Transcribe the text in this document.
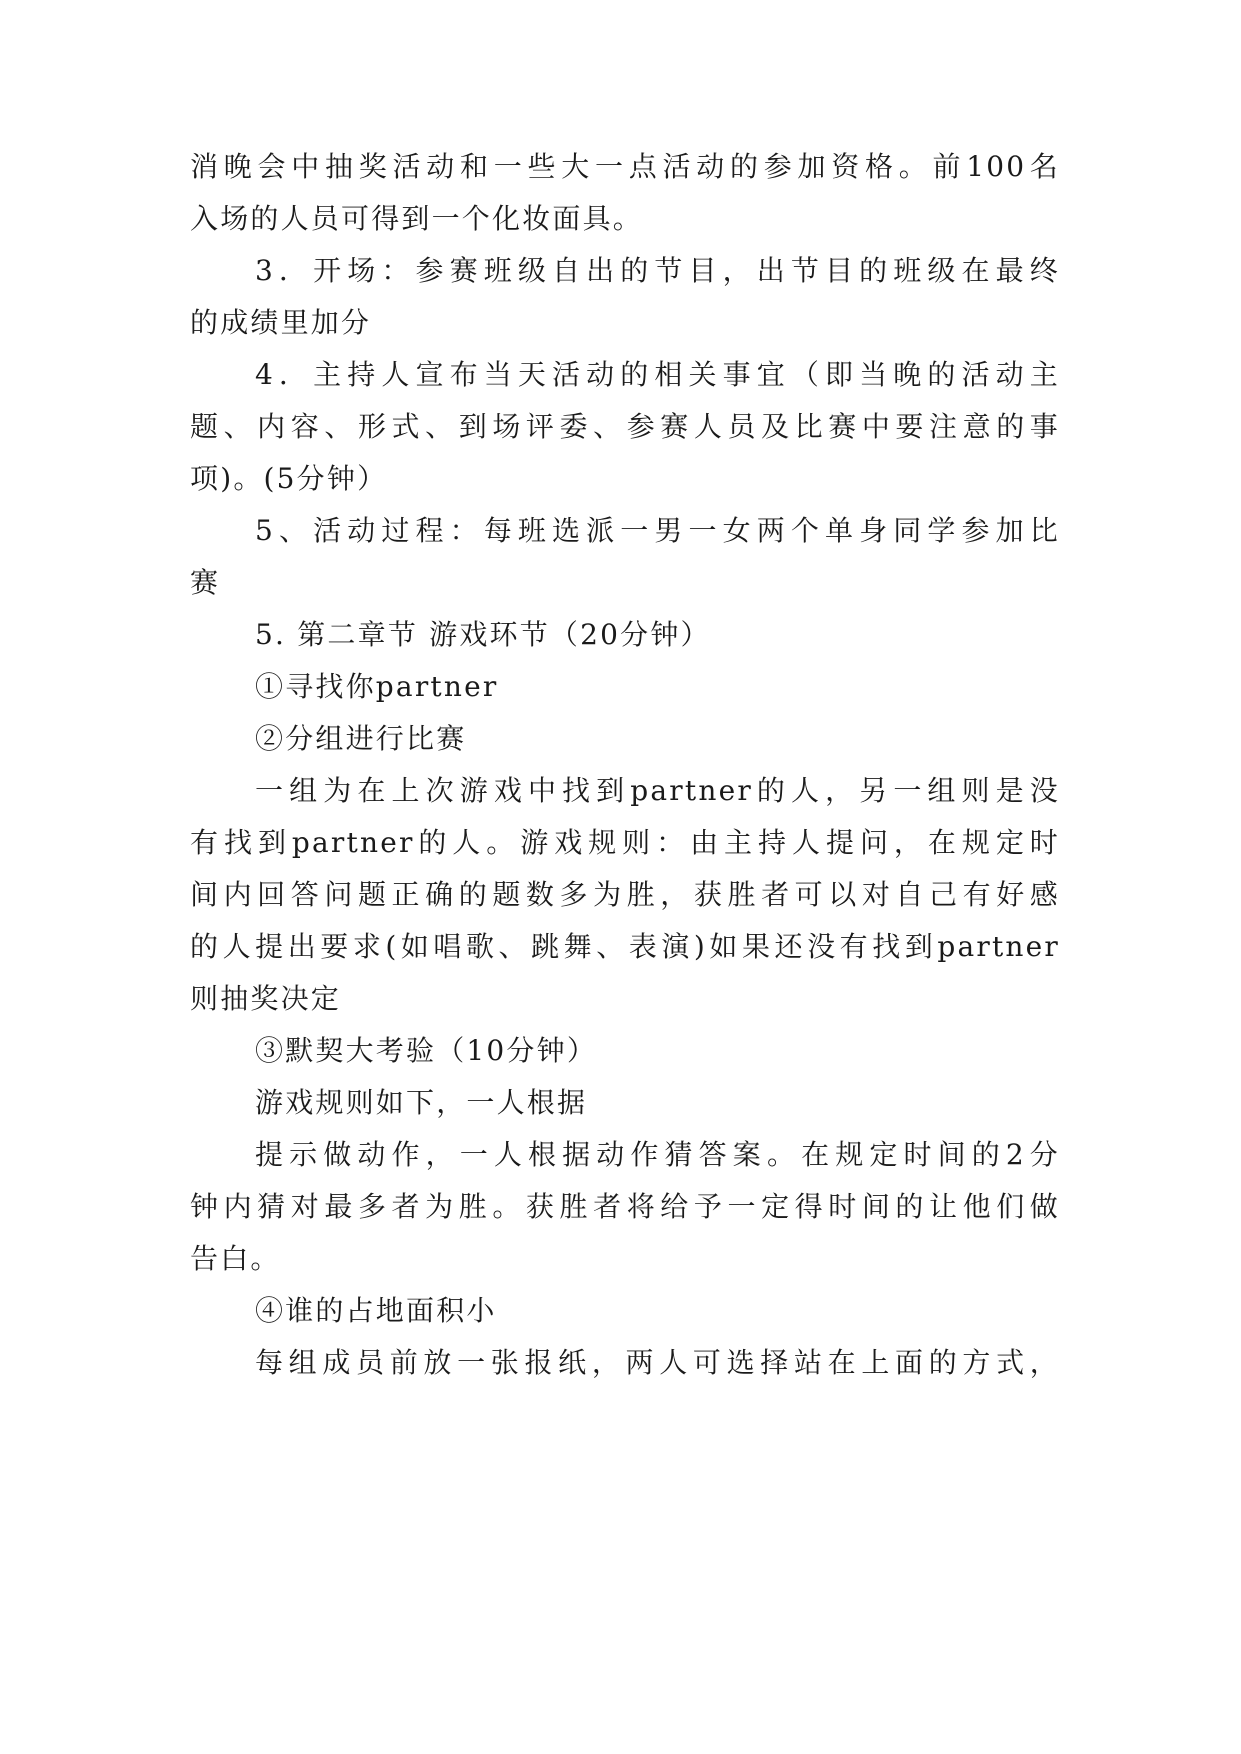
消晚会中抽奖活动和一些大一点活动的参加资格。前100名
入场的人员可得到一个化妆面具。
3．开场：参赛班级自出的节目，出节目的班级在最终
的成绩里加分
4．主持人宣布当天活动的相关事宜（即当晚的活动主
题、内容、形式、到场评委、参赛人员及比赛中要注意的事
项)。(5分钟）
5、活动过程：每班选派一男一女两个单身同学参加比
赛
5. 第二章节 游戏环节（20分钟）
①寻找你partner
②分组进行比赛
一组为在上次游戏中找到partner的人，另一组则是没
有找到partner的人。游戏规则：由主持人提问，在规定时
间内回答问题正确的题数多为胜，获胜者可以对自己有好感
的人提出要求(如唱歌、跳舞、表演)如果还没有找到partner
则抽奖决定
③默契大考验（10分钟）
游戏规则如下，一人根据
提示做动作，一人根据动作猜答案。在规定时间的2分
钟内猜对最多者为胜。获胜者将给予一定得时间的让他们做
告白。
④谁的占地面积小
每组成员前放一张报纸，两人可选择站在上面的方式，
